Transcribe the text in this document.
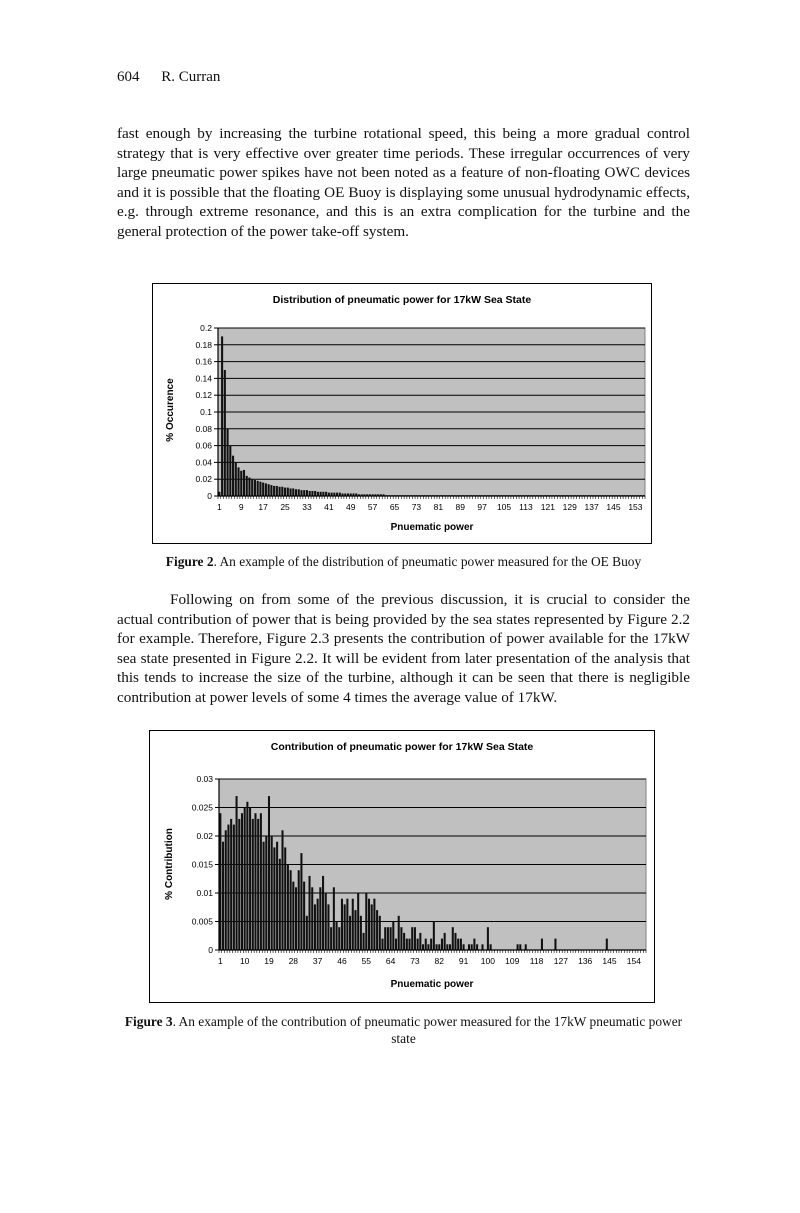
604 R. Curran

fast enough by increasing the turbine rotational speed, this being a more gradual control strategy that is very effective over greater time periods. These irregular occurrences of very large pneumatic power spikes have not been noted as a feature of non-floating OWC devices and it is possible that the floating OE Buoy is displaying some unusual hydrodynamic effects, e.g. through extreme resonance, and this is an extra complication for the turbine and the general protection of the power take-off system.

Distribution of pneumatic power for 17kW Sea State
% Occurence
Pnuematic power
0.2
0.18
0.16
0.14
0.12
0.1
0.08
0.06
0.04
0.02
0
1 9 17 25 33 41 49 57 65 73 81 89 97 105 113 121 129 137 145 153
Figure 2. An example of the distribution of pneumatic power measured for the OE Buoy

Following on from some of the previous discussion, it is crucial to consider the actual contribution of power that is being provided by the sea states represented by Figure 2.2 for example. Therefore, Figure 2.3 presents the contribution of power available for the 17kW sea state presented in Figure 2.2. It will be evident from later presentation of the analysis that this tends to increase the size of the turbine, although it can be seen that there is negligible contribution at power levels of some 4 times the average value of 17kW.

Contribution of pneumatic power for 17kW Sea State
% Contribution
Pnuematic power
0.03
0.025
0.02
0.015
0.01
0.005
0
1 10 19 28 37 46 55 64 73 82 91 100 109 118 127 136 145 154
Figure 3. An example of the contribution of pneumatic power measured for the 17kW pneumatic power state
